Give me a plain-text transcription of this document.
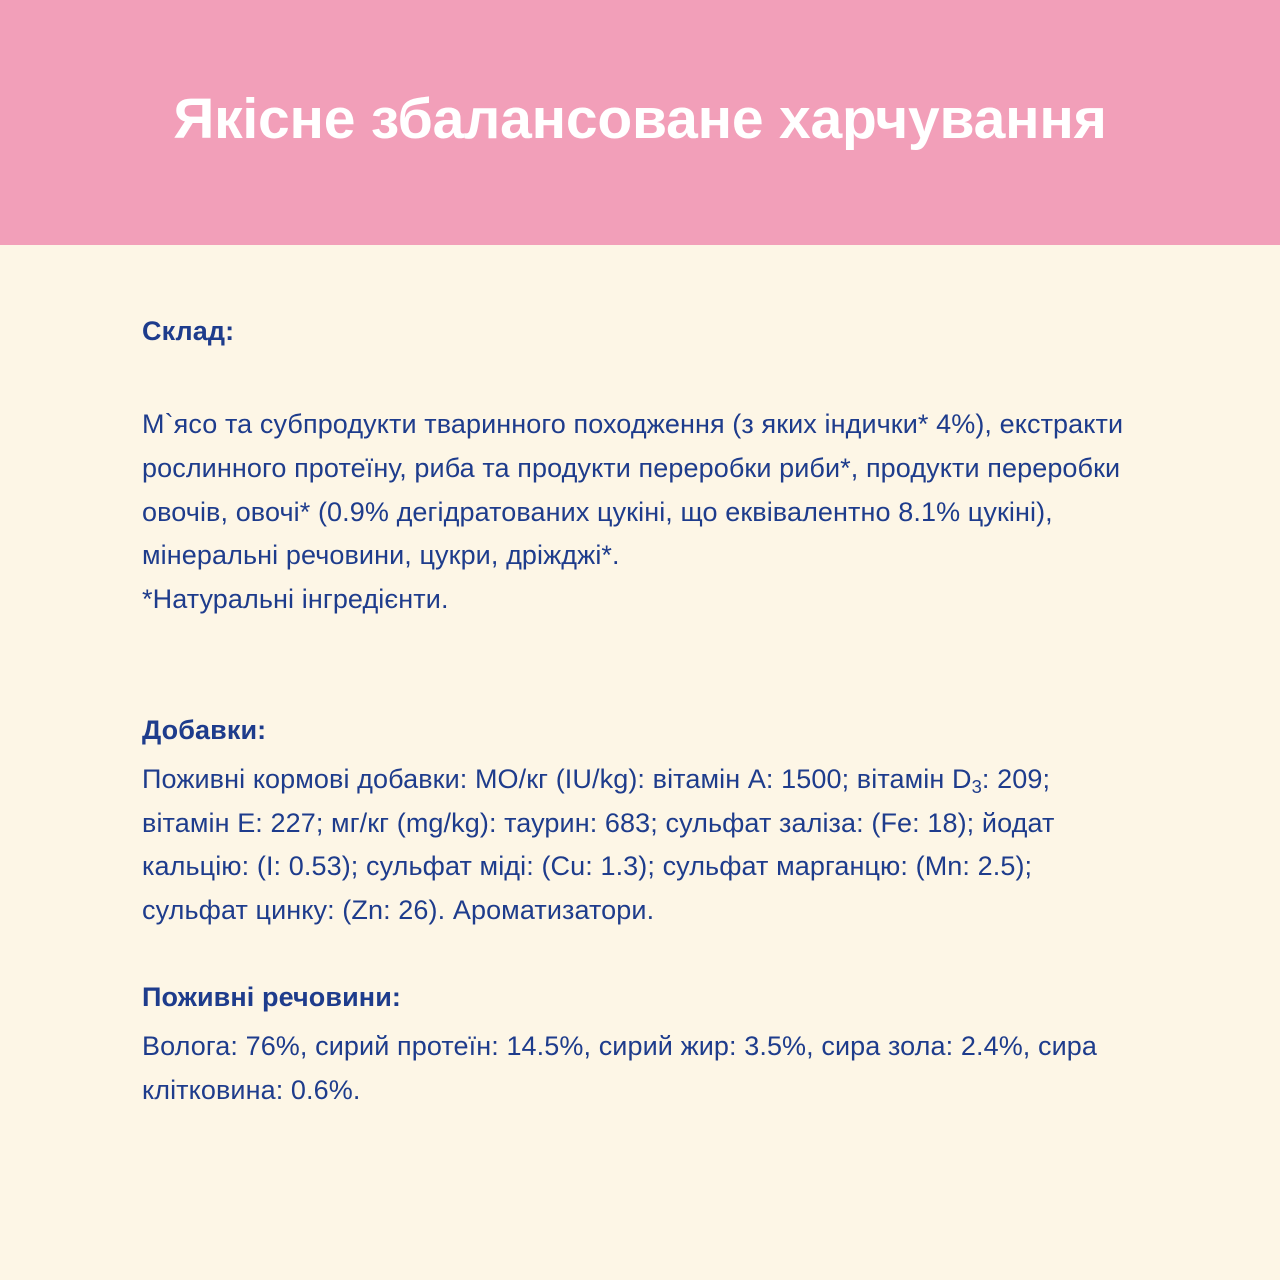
Якісне збалансоване харчування
Склад:

М`ясо та субпродукти тваринного походження (з яких індички* 4%), екстракти рослинного протеїну, риба та продукти переробки риби*, продукти переробки овочів, овочі* (0.9% дегідратованих цукіні, що еквівалентно 8.1% цукіні), мінеральні речовини, цукри, дріжджі*.

*Натуральні інгредієнти.

Добавки:
Поживні кормові добавки: МО/кг (IU/kg): вітамін A: 1500; вітамін $D_3$: 209; вітамін E: 227; мг/кг (mg/kg): таурин: 683; сульфат заліза: (Fe: 18); йодат кальцію: (I: 0.53); сульфат міді: (Cu: 1.3); сульфат марганцю: (Mn: 2.5); сульфат цинку: (Zn: 26). Ароматизатори.
Поживні речовини:
Волога: 76%, сирий протеїн: 14.5%, сирий жир: 3.5%, сира зола: 2.4%, сира клітковина: 0.6%.
